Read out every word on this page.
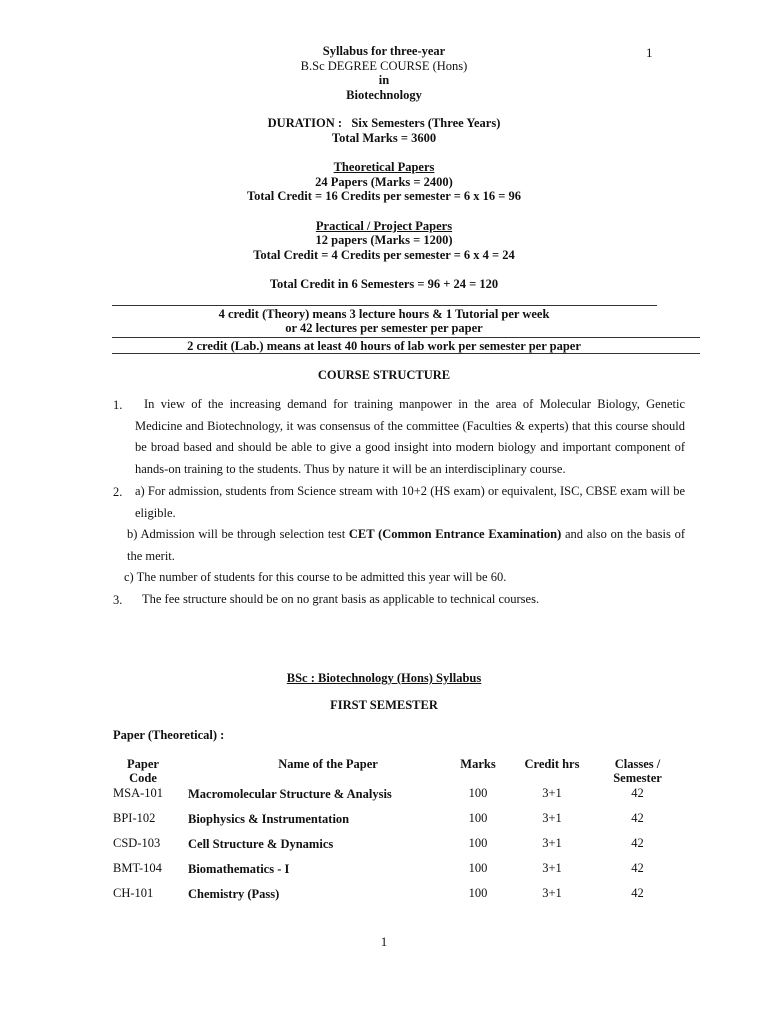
1
Syllabus for three-year
B.Sc DEGREE COURSE (Hons)
in
Biotechnology
DURATION :   Six Semesters (Three Years)
Total Marks = 3600
Theoretical Papers
24 Papers (Marks = 2400)
Total Credit = 16 Credits per semester = 6 x 16 = 96
Practical / Project Papers
12 papers (Marks = 1200)
Total Credit = 4 Credits per semester = 6 x 4 = 24
Total Credit in 6 Semesters = 96 + 24 = 120
4 credit (Theory) means 3 lecture hours & 1 Tutorial per week
or 42 lectures per semester per paper
2 credit (Lab.) means at least 40 hours of lab work per semester per paper
COURSE STRUCTURE
1.	In view of the increasing demand for training manpower in the area of Molecular Biology, Genetic Medicine and Biotechnology, it was consensus of the committee (Faculties & experts) that this course should be broad based and should be able to give a good insight into modern biology and important component of hands-on training to the students. Thus by nature it will be an interdisciplinary course.
2. a) For admission, students from Science stream with 10+2 (HS exam) or equivalent, ISC, CBSE exam will be eligible.
b) Admission will be through selection test CET (Common Entrance Examination) and also on the basis of the merit.
c) The number of students for this course to be admitted this year will be 60.
3. The fee structure should be on no grant basis as applicable to technical courses.
BSc : Biotechnology (Hons) Syllabus
FIRST SEMESTER
Paper (Theoretical) :
Paper
Code
Name of the Paper	Marks	Credit hrs	Classes /
Semester
MSA-101 Macromolecular Structure & Analysis	100	3+1	42
BPI-102	Biophysics & Instrumentation	100	3+1	42
CSD-103 Cell Structure & Dynamics	100	3+1	42
BMT-104 Biomathematics - I	100	3+1	42
CH-101	Chemistry (Pass)	100	3+1	42
1
